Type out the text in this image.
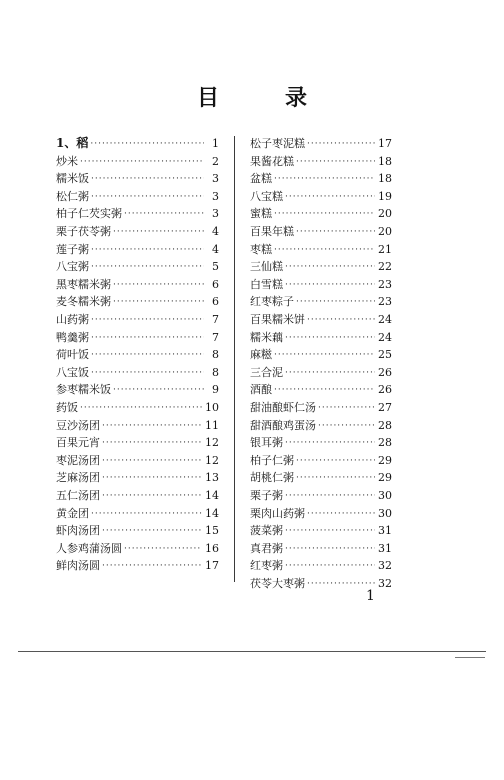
目　录
1、稻 ·····	1
炒米 ·····	2
糯米饭 ·····	3
松仁粥 ·····	3
柏子仁芡实粥 ·····	3
栗子茯苓粥 ·····	4
莲子粥 ·····	4
八宝粥 ·····	5
黑枣糯米粥 ·····	6
麦冬糯米粥 ·····	6
山药粥 ·····	7
鸭羹粥 ·····	7
荷叶饭 ·····	8
八宝饭 ·····	8
参枣糯米饭 ·····	9
药饭 ·····	10
豆沙汤团 ·····	11
百果元宵 ·····	12
枣泥汤团 ·····	12
芝麻汤团 ·····	13
五仁汤团 ·····	14
黄金团 ·····	14
虾肉汤团 ·····	15
人参鸡蒲汤圆 ·····	16
鲜肉汤圆 ·····	17
松子枣泥糕 ·····	17
果酱花糕 ·····	18
盆糕 ·····	18
八宝糕 ·····	19
蜜糕 ·····	20
百果年糕 ·····	20
枣糕 ·····	21
三仙糕 ·····	22
白雪糕 ·····	23
红枣粽子 ·····	23
百果糯米饼 ·····	24
糯米藕 ·····	24
麻糍 ·····	25
三合泥 ·····	26
酒酿 ·····	26
甜油酿虾仁汤 ·····	27
甜酒酿鸡蛋汤 ·····	28
银耳粥 ·····	28
柏子仁粥 ·····	29
胡桃仁粥 ·····	29
栗子粥 ·····	30
栗肉山药粥 ·····	30
菠菜粥 ·····	31
真君粥 ·····	31
红枣粥 ·····	32
茯苓大枣粥 ·····	32
1
